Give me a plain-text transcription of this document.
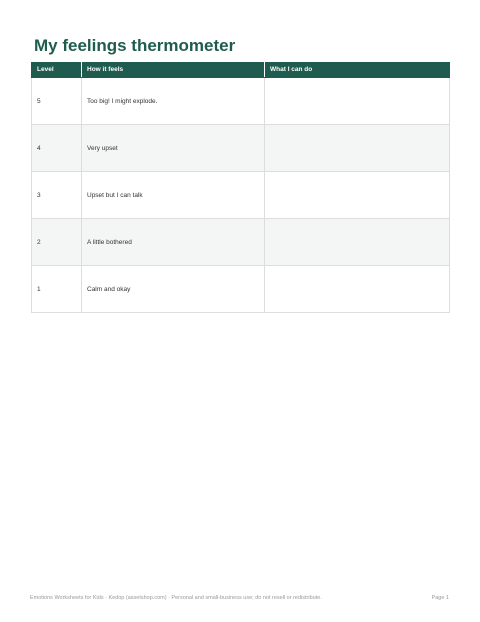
My feelings thermometer
Level	How it feels	What I can do
5	Too big! I might explode.	
4	Very upset	
3	Upset but I can talk	
2	A little bothered	
1	Calm and okay	
Emotions Worksheets for Kids · Kedop (assetshop.com) · Personal and small-business use; do not resell or redistribute.	Page 1
